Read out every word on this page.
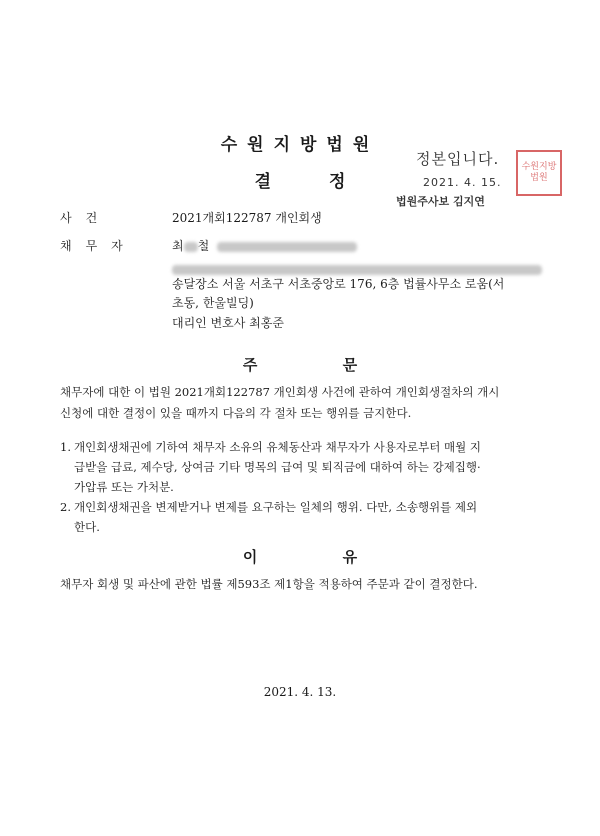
수원지방법원
결정
정본입니다.
2021. 4. 15.
법원주사보 김지연
수원지방법원
사건	2021개회122787 개인회생
채무자	최 철
송달장소 서울 서초구 서초중앙로 176, 6층 법률사무소 로움(서
초동, 한울빌딩)
대리인 변호사 최홍준
주 문
채무자에 대한 이 법원 2021개회122787 개인회생 사건에 관하여 개인회생절차의 개시
신청에 대한 결정이 있을 때까지 다음의 각 절차 또는 행위를 금지한다.
1. 개인회생채권에 기하여 채무자 소유의 유체동산과 채무자가 사용자로부터 매월 지
급받을 급료, 제수당, 상여금 기타 명목의 급여 및 퇴직금에 대하여 하는 강제집행·
가압류 또는 가처분.
2. 개인회생채권을 변제받거나 변제를 요구하는 일체의 행위. 다만, 소송행위를 제외
한다.
이 유
채무자 회생 및 파산에 관한 법률 제593조 제1항을 적용하여 주문과 같이 결정한다.
2021. 4. 13.
